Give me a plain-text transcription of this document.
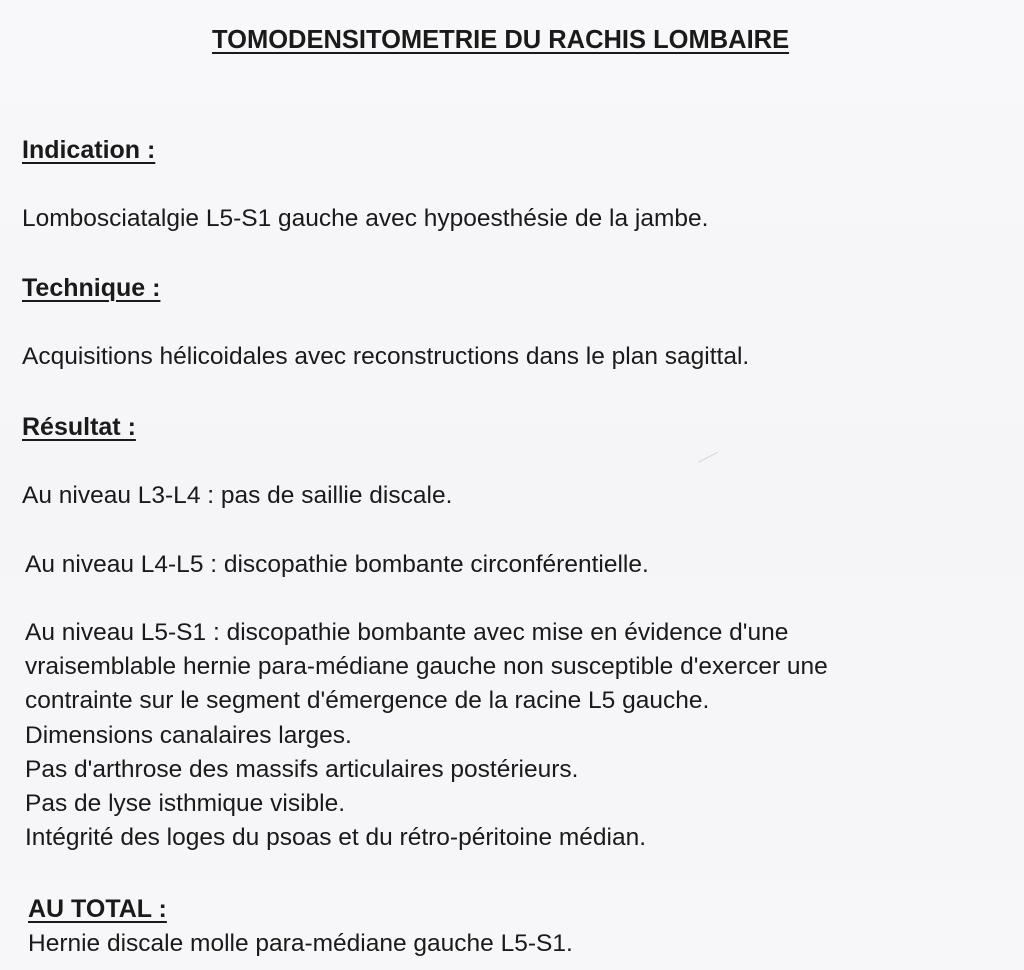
TOMODENSITOMETRIE DU RACHIS LOMBAIRE
Indication :
Lombosciatalgie L5-S1 gauche avec hypoesthésie de la jambe.
Technique :
Acquisitions hélicoidales avec reconstructions dans le plan sagittal.
Résultat :
Au niveau L3-L4 : pas de saillie discale.
Au niveau L4-L5 : discopathie bombante circonférentielle.
Au niveau L5-S1 : discopathie bombante avec mise en évidence d'une
vraisemblable hernie para-médiane gauche non susceptible d'exercer une
contrainte sur le segment d'émergence de la racine L5 gauche.
Dimensions canalaires larges.
Pas d'arthrose des massifs articulaires postérieurs.
Pas de lyse isthmique visible.
Intégrité des loges du psoas et du rétro-péritoine médian.
AU TOTAL :
Hernie discale molle para-médiane gauche L5-S1.
